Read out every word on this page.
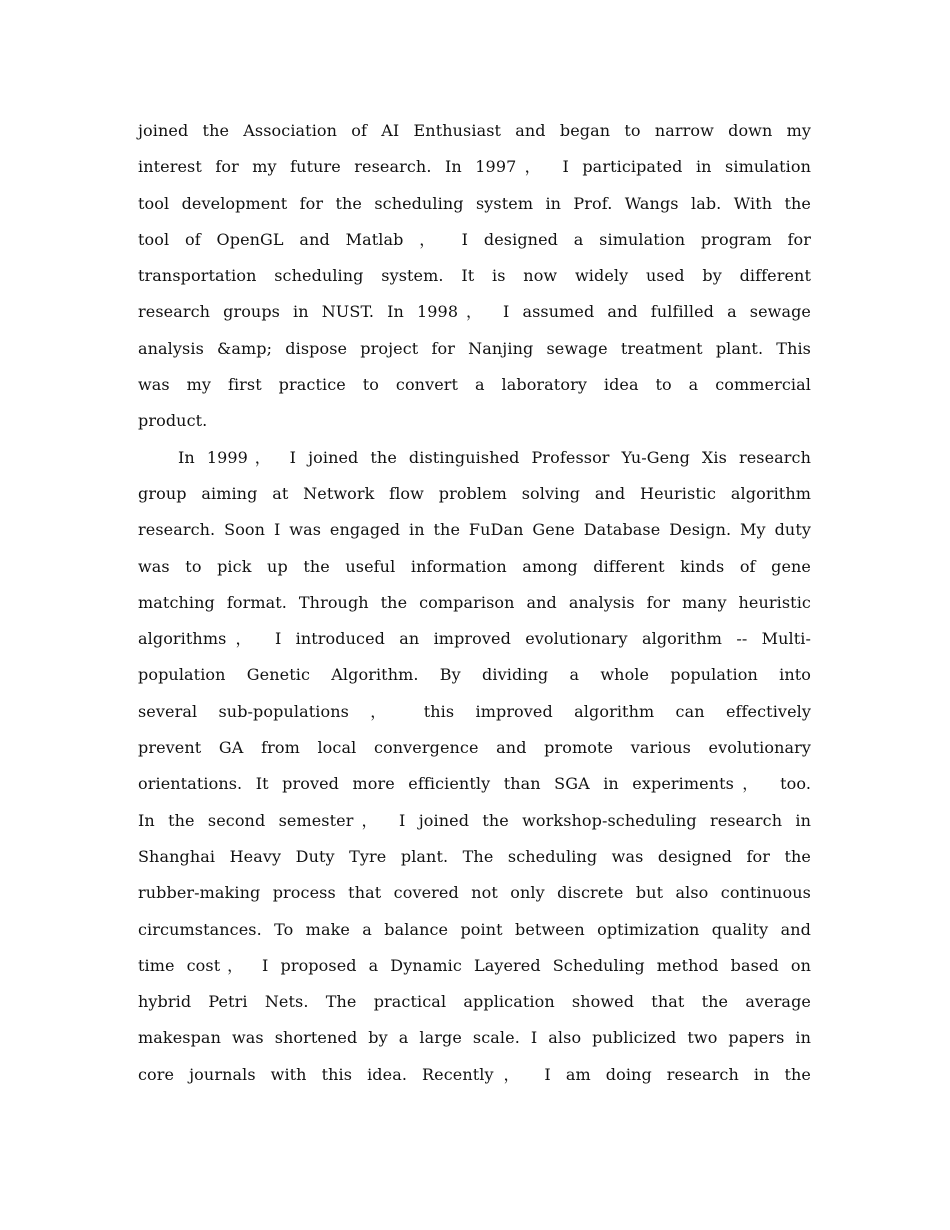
joined the Association of AI Enthusiast and began to narrow down my
interest for my future research. In 1997， I participated in simulation
tool development for the scheduling system in Prof. Wangs lab. With the
tool of OpenGL and Matlab ， I designed a simulation program for
transportation scheduling system. It is now widely used by different
research groups in NUST. In 1998， I assumed and fulfilled a sewage
analysis &amp; dispose project for Nanjing sewage treatment plant. This
was my first practice to convert a laboratory idea to a commercial
product.
In 1999， I joined the distinguished Professor Yu-Geng Xis research
group aiming at Network flow problem solving and Heuristic algorithm
research. Soon I was engaged in the FuDan Gene Database Design. My duty
was to pick up the useful information among different kinds of gene
matching format. Through the comparison and analysis for many heuristic
algorithms， I introduced an improved evolutionary algorithm -- Multi-
population Genetic Algorithm. By dividing a whole population into
several sub-populations ， this improved algorithm can effectively
prevent GA from local convergence and promote various evolutionary
orientations. It proved more efficiently than SGA in experiments， too.
In the second semester， I joined the workshop-scheduling research in
Shanghai Heavy Duty Tyre plant. The scheduling was designed for the
rubber-making process that covered not only discrete but also continuous
circumstances. To make a balance point between optimization quality and
time cost， I proposed a Dynamic Layered Scheduling method based on
hybrid Petri Nets. The practical application showed that the average
makespan was shortened by a large scale. I also publicized two papers in
core journals with this idea. Recently， I am doing research in the
